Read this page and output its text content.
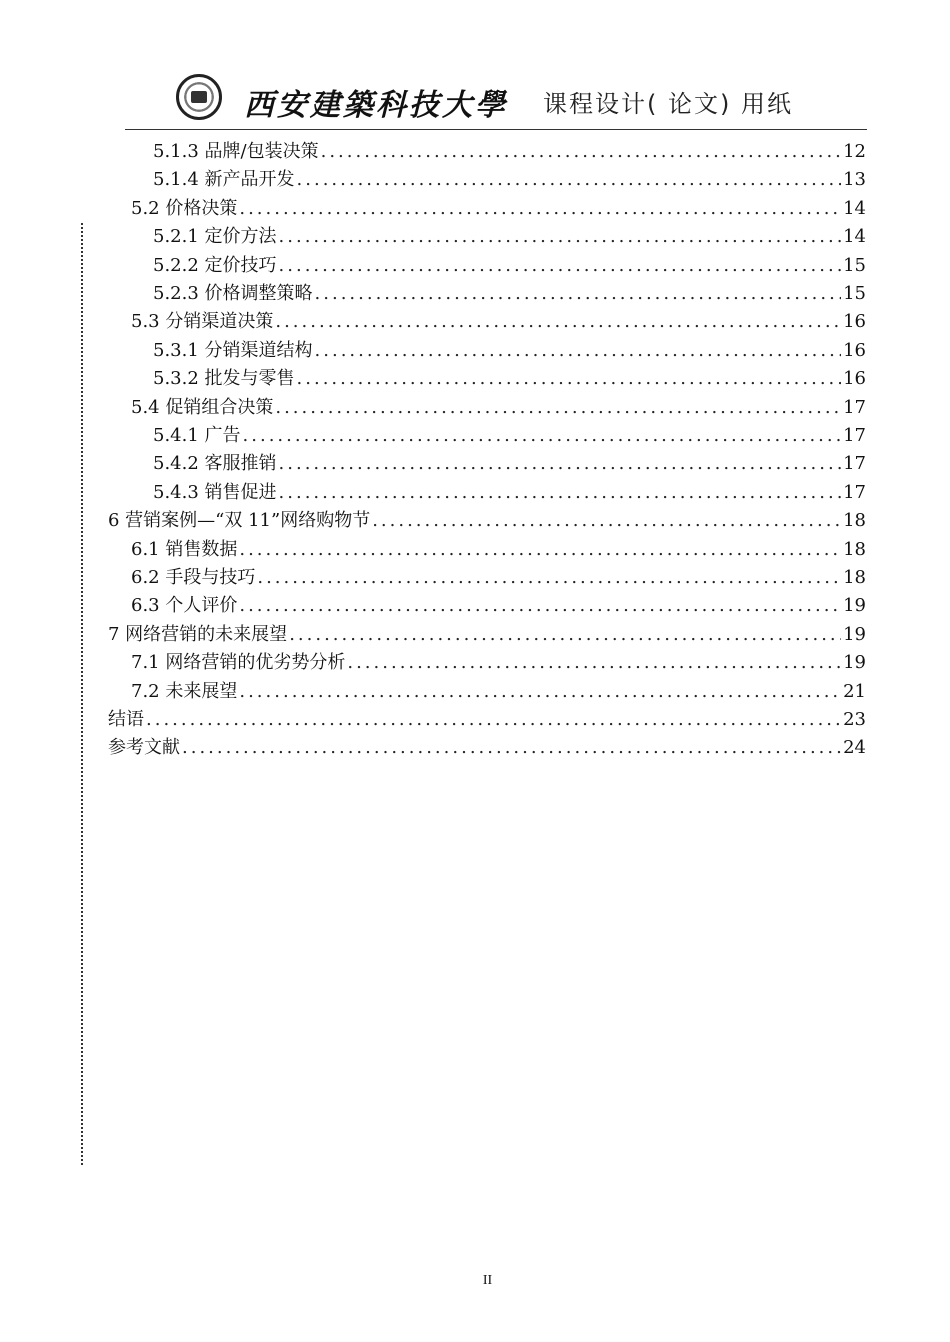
西安建築科技大學 课程设计( 论文) 用纸
5.1.3 品牌/包装决策 .....	12
5.1.4 新产品开发 .....	13
5.2 价格决策 .....	14
5.2.1 定价方法 .....	14
5.2.2 定价技巧 .....	15
5.2.3 价格调整策略 .....	15
5.3 分销渠道决策 .....	16
5.3.1 分销渠道结构 .....	16
5.3.2 批发与零售 .....	16
5.4 促销组合决策 .....	17
5.4.1 广告 .....	17
5.4.2 客服推销 .....	17
5.4.3 销售促进 .....	17
6 营销案例—“双 11”网络购物节 .....	18
6.1 销售数据 .....	18
6.2 手段与技巧 .....	18
6.3 个人评价 .....	19
7 网络营销的未来展望 .....	19
7.1 网络营销的优劣势分析 .....	19
7.2 未来展望 .....	21
结语 .....	23
参考文献 .....	24
II
